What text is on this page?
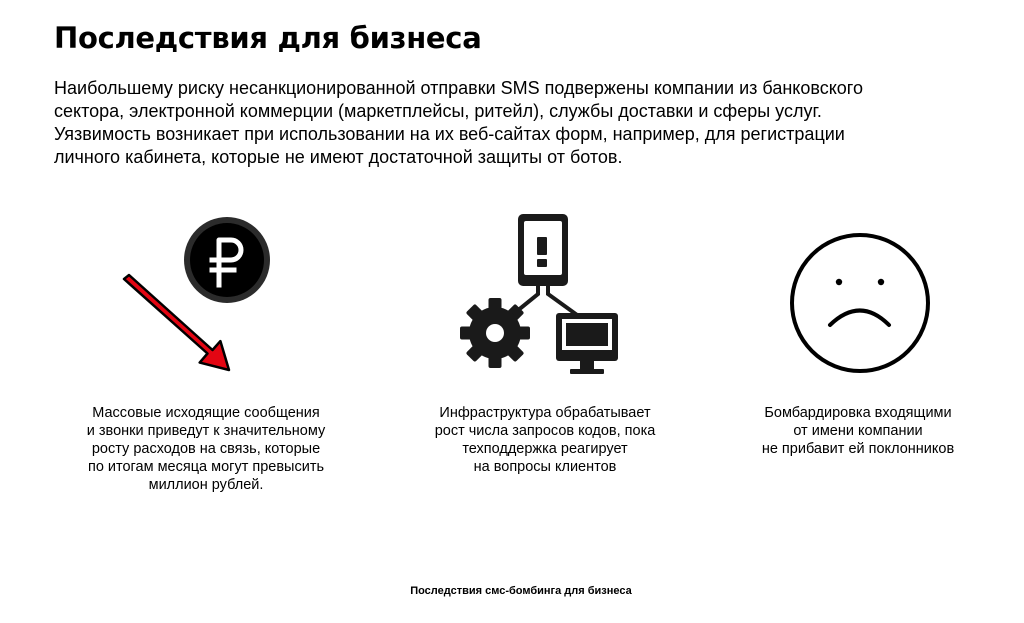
Последствия для бизнеса

Наибольшему риску несанкционированной отправки SMS подвержены компании из банковского
сектора, электронной коммерции (маркетплейсы, ритейл), службы доставки и сферы услуг.
Уязвимость возникает при использовании на их веб-сайтах форм, например, для регистрации
личного кабинета, которые не имеют достаточной защиты от ботов.

Массовые исходящие сообщения
и звонки приведут к значительному
росту расходов на связь, которые
по итогам месяца могут превысить
миллион рублей.
Инфраструктура обрабатывает
рост числа запросов кодов, пока
техподдержка реагирует
на вопросы клиентов
Бомбардировка входящими
от имени компании
не прибавит ей поклонников
Последствия смс-бомбинга для бизнеса
